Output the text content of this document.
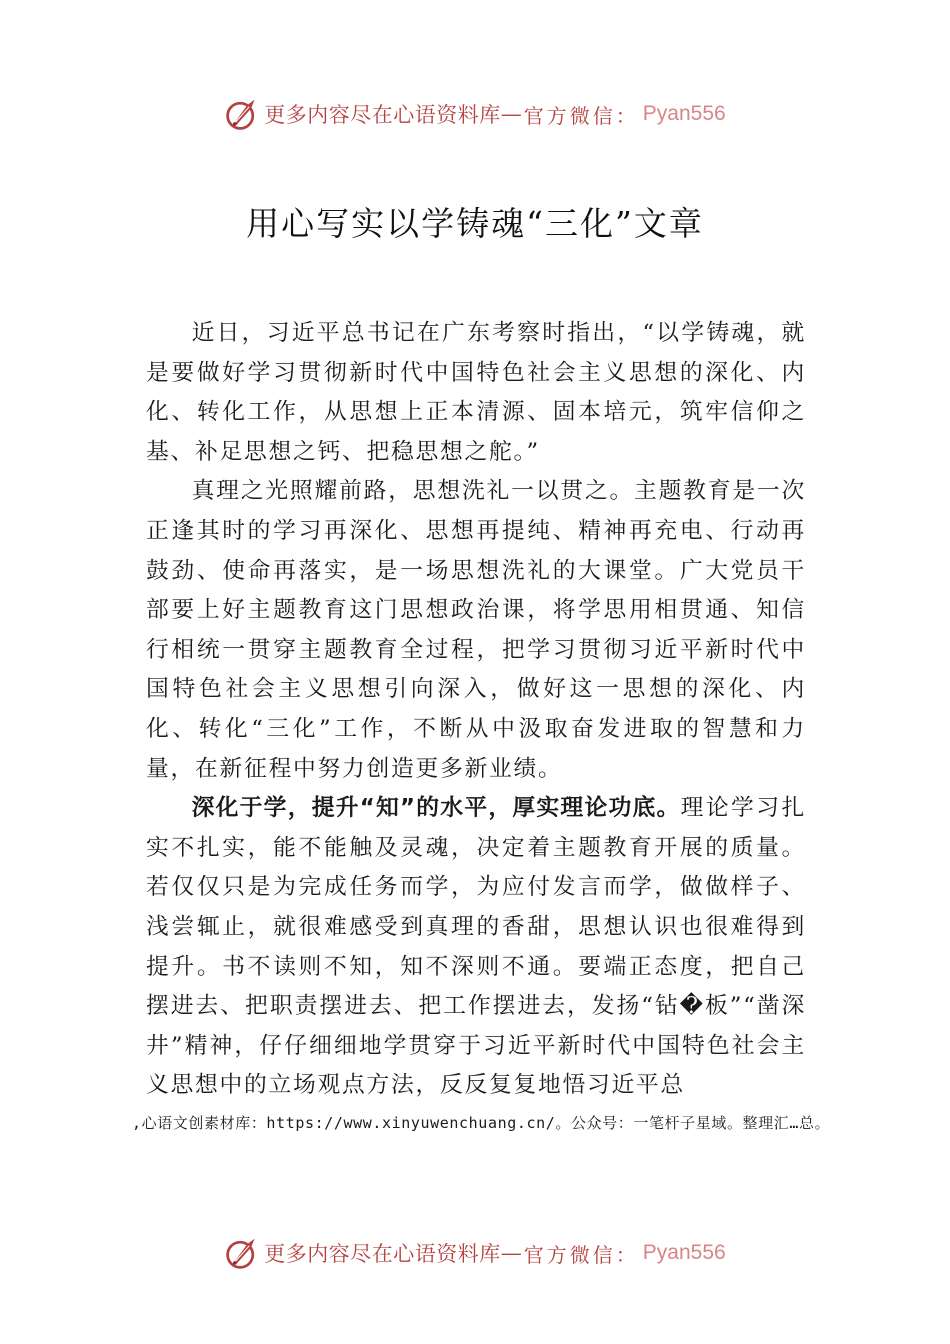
更多内容尽在心语资料库 — 官方微信： Pyan556
用心写实以学铸魂“三化”文章

近日，习近平总书记在广东考察时指出，“以学铸魂，就是要做好学习贯彻新时代中国特色社会主义思想的深化、内化、转化工作，从思想上正本清源、固本培元，筑牢信仰之基、补足思想之钙、把稳思想之舵。”

真理之光照耀前路，思想洗礼一以贯之。主题教育是一次正逢其时的学习再深化、思想再提纯、精神再充电、行动再鼓劲、使命再落实，是一场思想洗礼的大课堂。广大党员干部要上好主题教育这门思想政治课，将学思用相贯通、知信行相统一贯穿主题教育全过程，把学习贯彻习近平新时代中国特色社会主义思想引向深入，做好这一思想的深化、内化、转化“三化”工作，不断从中汲取奋发进取的智慧和力量，在新征程中努力创造更多新业绩。

深化于学，提升“知”的水平，厚实理论功底。理论学习扎实不扎实，能不能触及灵魂，决定着主题教育开展的质量。若仅仅只是为完成任务而学，为应付发言而学，做做样子、浅尝辄止，就很难感受到真理的香甜，思想认识也很难得到提升。书不读则不知，知不深则不通。要端正态度，把自己摆进去、把职责摆进去、把工作摆进去，发扬“钻�板”“凿深井”精神，仔仔细细地学贯穿于习近平新时代中国特色社会主义思想中的立场观点方法，反反复复地悟习近平总

,心语文创素材库：https://www.xinyuwenchuang.cn/。公众号：一笔杆子星域。整理汇…总。

更多内容尽在心语资料库 — 官方微信： Pyan556
